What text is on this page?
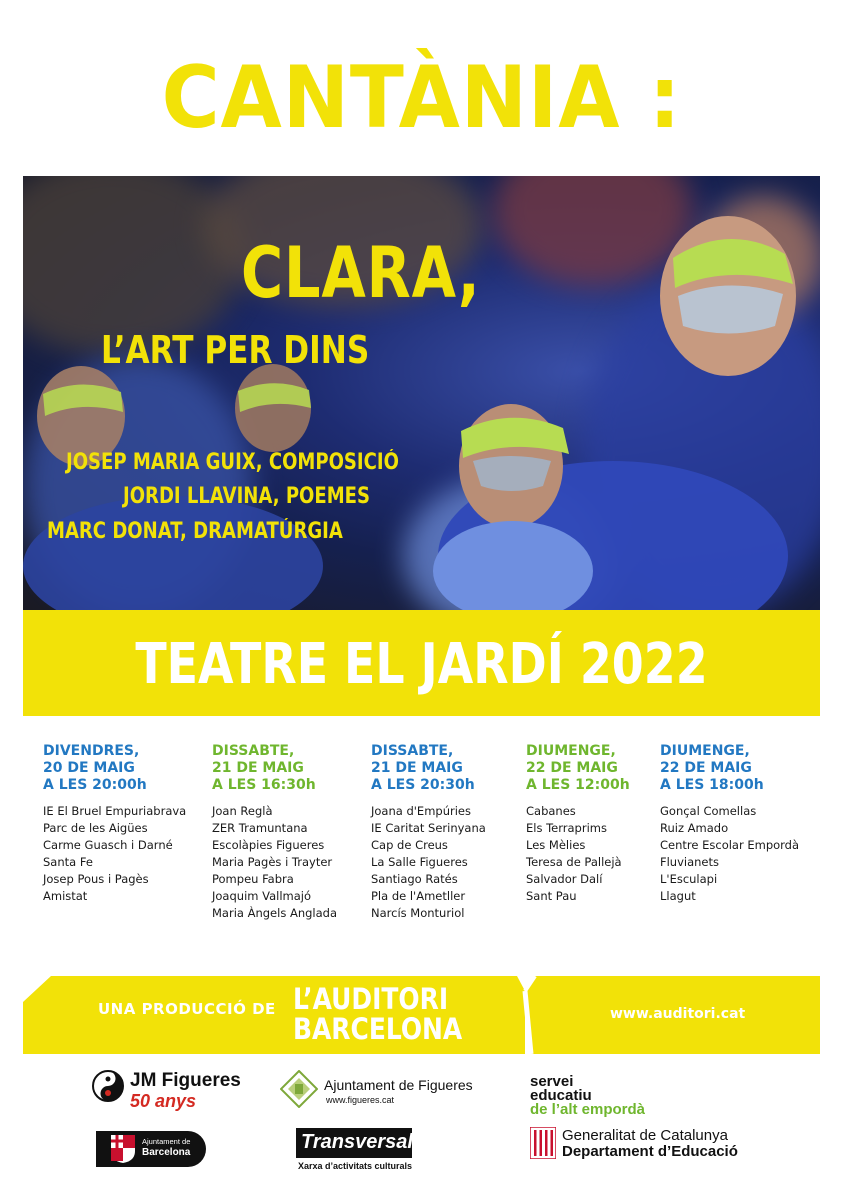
CANTÀNIA :
CLARA,
L’ART PER DINS
JOSEP MARIA GUIX, COMPOSICIÓ
JORDI LLAVINA, POEMES
MARC DONAT, DRAMATÚRGIA
TEATRE EL JARDÍ 2022
DIVENDRES,
20 DE MAIG
A LES 20:00h
IE El Bruel Empuriabrava
Parc de les Aigües
Carme Guasch i Darné
Santa Fe
Josep Pous i Pagès
Amistat
DISSABTE,
21 DE MAIG
A LES 16:30h
Joan Reglà
ZER Tramuntana
Escolàpies Figueres
Maria Pagès i Trayter
Pompeu Fabra
Joaquim Vallmajó
Maria Àngels Anglada
DISSABTE,
21 DE MAIG
A LES 20:30h
Joana d'Empúries
IE Caritat Serinyana
Cap de Creus
La Salle Figueres
Santiago Ratés
Pla de l'Ametller
Narcís Monturiol
DIUMENGE,
22 DE MAIG
A LES 12:00h
Cabanes
Els Terraprims
Les Mèlies
Teresa de Pallejà
Salvador Dalí
Sant Pau
DIUMENGE,
22 DE MAIG
A LES 18:00h
Gonçal Comellas
Ruiz Amado
Centre Escolar Empordà
Fluvianets
L'Esculapi
Llagut
UNA PRODUCCIÓ DE L’AUDITORI
BARCELONA	www.auditori.cat
JM Figueres
50 anys
Ajuntament de Figueres
www.figueres.cat
servei
educatiu
de l’alt empordà
Generalitat de Catalunya
Departament d’Educació
Ajuntament de
Barcelona	Transversal
Xarxa d’activitats culturals
